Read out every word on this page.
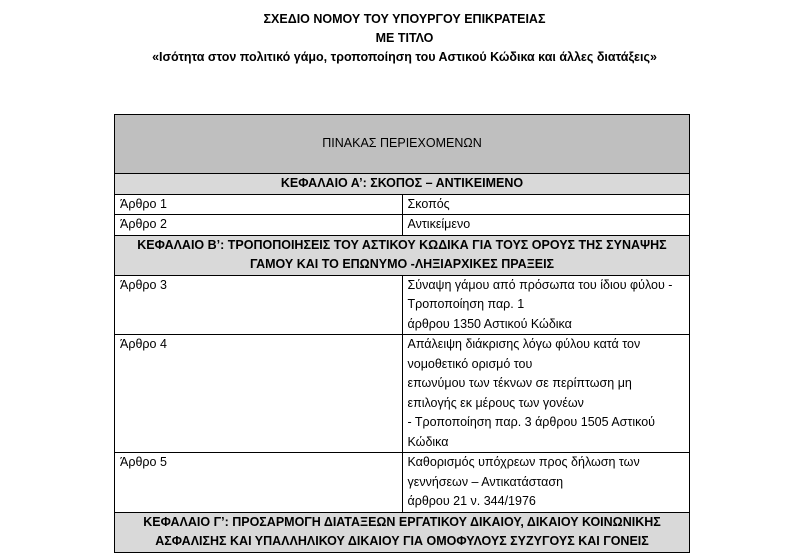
ΣΧΕΔΙΟ ΝΟΜΟΥ ΤΟΥ ΥΠΟΥΡΓΟΥ ΕΠΙΚΡΑΤΕΙΑΣ
ΜΕ ΤΙΤΛΟ
«Ισότητα στον πολιτικό γάμο, τροποποίηση του Αστικού Κώδικα και άλλες διατάξεις»
ΠΙΝΑΚΑΣ ΠΕΡΙΕΧΟΜΕΝΩΝ	
ΚΕΦΑΛΑΙΟ Α’: ΣΚΟΠΟΣ – ΑΝΤΙΚΕΙΜΕΝΟ	
Άρθρο 1	Σκοπός

Άρθρο 2	Αντικείμενο

ΚΕΦΑΛΑΙΟ Β’: ΤΡΟΠΟΠΟΙΗΣΕΙΣ ΤΟΥ ΑΣΤΙΚΟΥ ΚΩΔΙΚΑ ΓΙΑ ΤΟΥΣ ΟΡΟΥΣ ΤΗΣ ΣΥΝΑΨΗΣ
ΓΑΜΟΥ ΚΑΙ ΤΟ ΕΠΩΝΥΜΟ -ΛΗΞΙΑΡΧΙΚΕΣ ΠΡΑΞΕΙΣ	

Άρθρο 3	Σύναψη γάμου από πρόσωπα του ίδιου φύλου - Τροποποίηση παρ. 1
άρθρου 1350 Αστικού Κώδικα

Άρθρο 4	Απάλειψη διάκρισης λόγω φύλου κατά τον νομοθετικό ορισμό του
επωνύμου των τέκνων σε περίπτωση μη επιλογής εκ μέρους των γονέων
- Τροποποίηση παρ. 3 άρθρου 1505 Αστικού Κώδικα

Άρθρο 5	Καθορισμός υπόχρεων προς δήλωση των γεννήσεων – Αντικατάσταση
άρθρου 21 ν. 344/1976

ΚΕΦΑΛΑΙΟ Γ’: ΠΡΟΣΑΡΜΟΓΗ ΔΙΑΤΑΞΕΩΝ ΕΡΓΑΤΙΚΟΥ ΔΙΚΑΙΟΥ, ΔΙΚΑΙΟΥ ΚΟΙΝΩΝΙΚΗΣ
ΑΣΦΑΛΙΣΗΣ ΚΑΙ ΥΠΑΛΛΗΛΙΚΟΥ ΔΙΚΑΙΟΥ ΓΙΑ ΟΜΟΦΥΛΟΥΣ ΣΥΖΥΓΟΥΣ ΚΑΙ ΓΟΝΕΙΣ	
